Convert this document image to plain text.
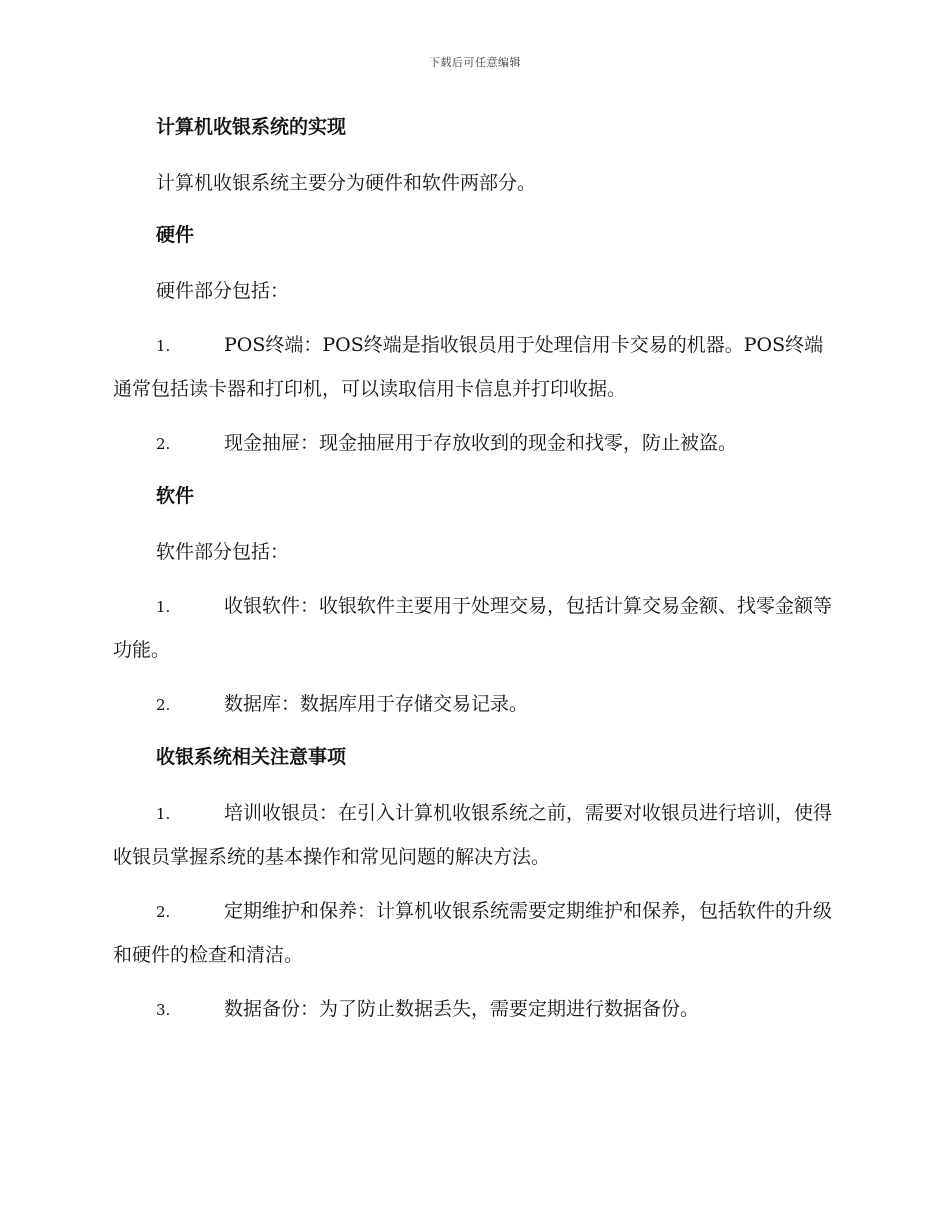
下载后可任意编辑

计算机收银系统的实现

计算机收银系统主要分为硬件和软件两部分。

硬件

硬件部分包括：

1.	POS终端：POS终端是指收银员用于处理信用卡交易的机器。POS终端通常包括读卡器和打印机，可以读取信用卡信息并打印收据。

2.	现金抽屉：现金抽屉用于存放收到的现金和找零，防止被盗。

软件

软件部分包括：

1.	收银软件：收银软件主要用于处理交易，包括计算交易金额、找零金额等功能。

2.	数据库：数据库用于存储交易记录。

收银系统相关注意事项

1.	培训收银员：在引入计算机收银系统之前，需要对收银员进行培训，使得收银员掌握系统的基本操作和常见问题的解决方法。

2.	定期维护和保养：计算机收银系统需要定期维护和保养，包括软件的升级和硬件的检查和清洁。

3.	数据备份：为了防止数据丢失，需要定期进行数据备份。
